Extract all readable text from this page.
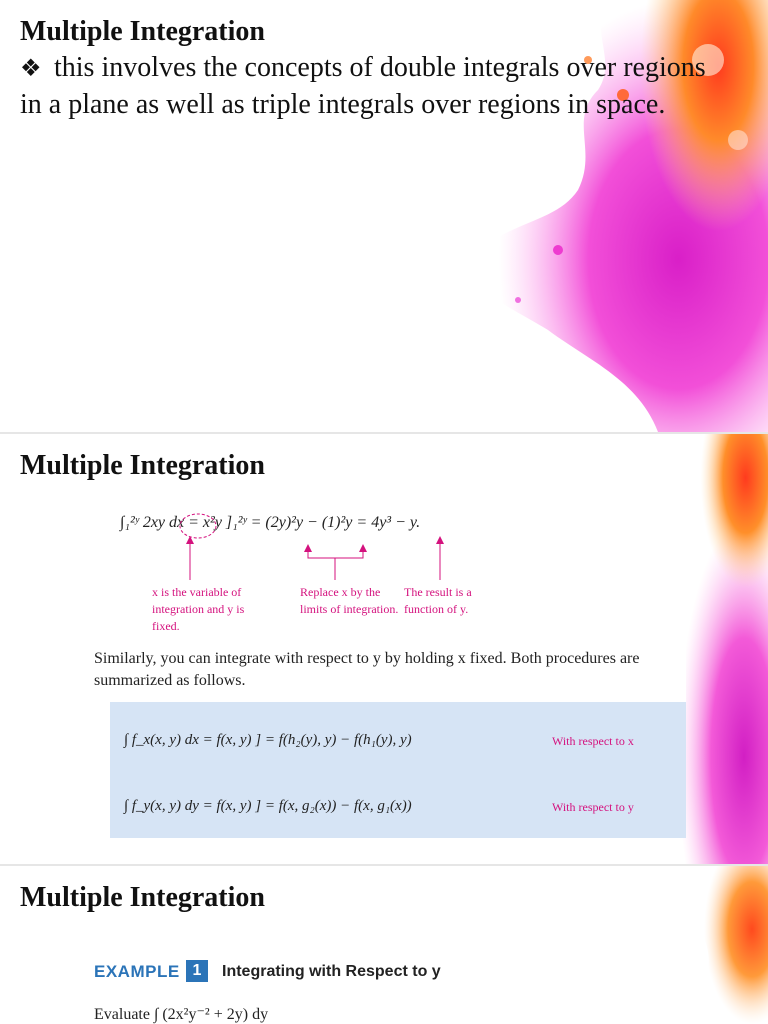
Multiple Integration
❖ this involves the concepts of double integrals over regions in a plane as well as triple integrals over regions in space.
Multiple Integration
∫₁²ʸ 2xy dx = x²y ]₁²ʸ = (2y)²y − (1)²y = 4y³ − y.
x is the variable of integration and y is fixed.
Replace x by the limits of integration.
The result is a function of y.
Similarly, you can integrate with respect to y by holding x fixed. Both procedures are summarized as follows.
∫ f_x(x, y) dx = f(x, y) ] = f(h₂(y), y) − f(h₁(y), y)	With respect to x
∫ f_y(x, y) dy = f(x, y) ] = f(x, g₂(x)) − f(x, g₁(x))	With respect to y
Multiple Integration
EXAMPLE 1	Integrating with Respect to y
Evaluate ∫ (2x²y⁻² + 2y) dy
